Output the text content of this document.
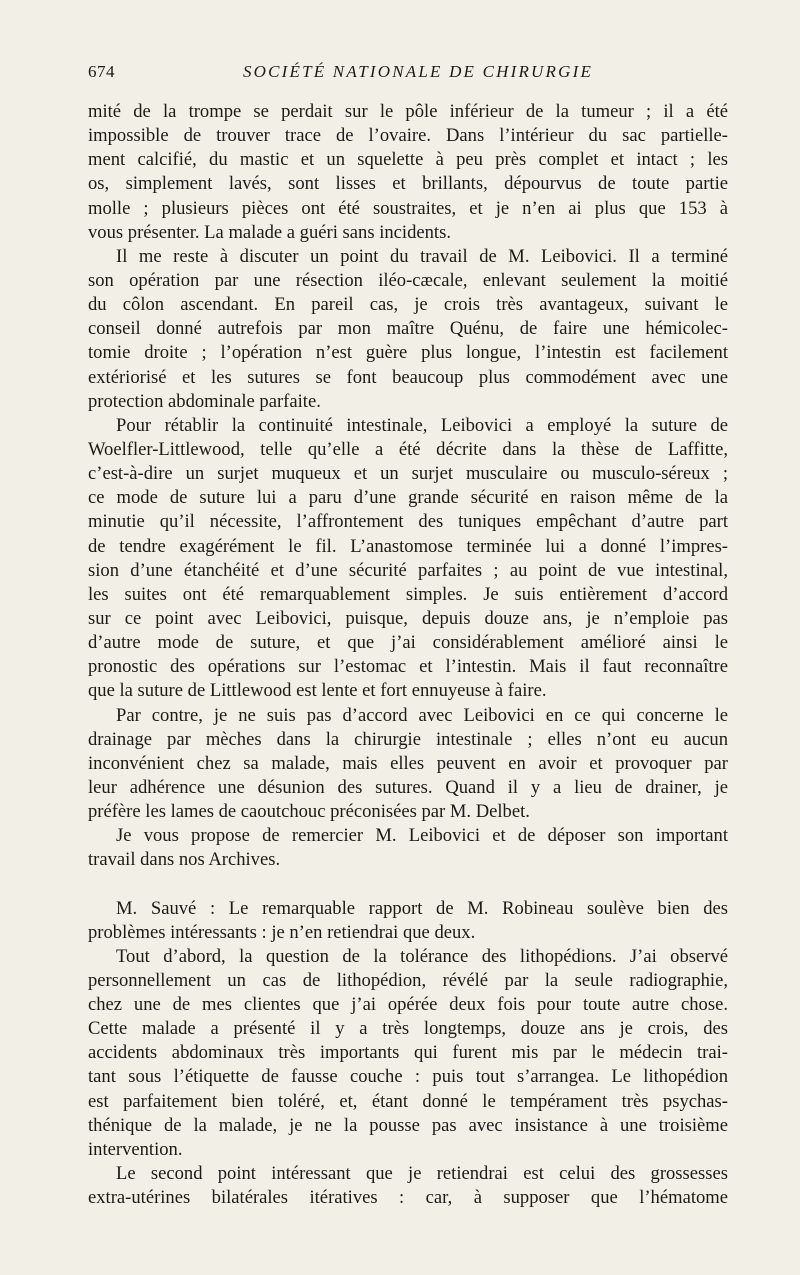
674	SOCIÉTÉ NATIONALE DE CHIRURGIE
mité de la trompe se perdait sur le pôle inférieur de la tumeur ; il a été
impossible de trouver trace de l’ovaire. Dans l’intérieur du sac partielle-
ment calcifié, du mastic et un squelette à peu près complet et intact ; les
os, simplement lavés, sont lisses et brillants, dépourvus de toute partie
molle ; plusieurs pièces ont été soustraites, et je n’en ai plus que 153 à
vous présenter. La malade a guéri sans incidents.
Il me reste à discuter un point du travail de M. Leibovici. Il a terminé
son opération par une résection iléo-cæcale, enlevant seulement la moitié
du côlon ascendant. En pareil cas, je crois très avantageux, suivant le
conseil donné autrefois par mon maître Quénu, de faire une hémicolec-
tomie droite ; l’opération n’est guère plus longue, l’intestin est facilement
extériorisé et les sutures se font beaucoup plus commodément avec une
protection abdominale parfaite.
Pour rétablir la continuité intestinale, Leibovici a employé la suture de
Woelfler-Littlewood, telle qu’elle a été décrite dans la thèse de Laffitte,
c’est-à-dire un surjet muqueux et un surjet musculaire ou musculo-séreux ;
ce mode de suture lui a paru d’une grande sécurité en raison même de la
minutie qu’il nécessite, l’affrontement des tuniques empêchant d’autre part
de tendre exagérément le fil. L’anastomose terminée lui a donné l’impres-
sion d’une étanchéité et d’une sécurité parfaites ; au point de vue intestinal,
les suites ont été remarquablement simples. Je suis entièrement d’accord
sur ce point avec Leibovici, puisque, depuis douze ans, je n’emploie pas
d’autre mode de suture, et que j’ai considérablement amélioré ainsi le
pronostic des opérations sur l’estomac et l’intestin. Mais il faut reconnaître
que la suture de Littlewood est lente et fort ennuyeuse à faire.
Par contre, je ne suis pas d’accord avec Leibovici en ce qui concerne le
drainage par mèches dans la chirurgie intestinale ; elles n’ont eu aucun
inconvénient chez sa malade, mais elles peuvent en avoir et provoquer par
leur adhérence une désunion des sutures. Quand il y a lieu de drainer, je
préfère les lames de caoutchouc préconisées par M. Delbet.
Je vous propose de remercier M. Leibovici et de déposer son important
travail dans nos Archives.
M. Sauvé : Le remarquable rapport de M. Robineau soulève bien des
problèmes intéressants : je n’en retiendrai que deux.
Tout d’abord, la question de la tolérance des lithopédions. J’ai observé
personnellement un cas de lithopédion, révélé par la seule radiographie,
chez une de mes clientes que j’ai opérée deux fois pour toute autre chose.
Cette malade a présenté il y a très longtemps, douze ans je crois, des
accidents abdominaux très importants qui furent mis par le médecin trai-
tant sous l’étiquette de fausse couche : puis tout s’arrangea. Le lithopédion
est parfaitement bien toléré, et, étant donné le tempérament très psychas-
thénique de la malade, je ne la pousse pas avec insistance à une troisième
intervention.
Le second point intéressant que je retiendrai est celui des grossesses
extra-utérines bilatérales itératives : car, à supposer que l’hématome
